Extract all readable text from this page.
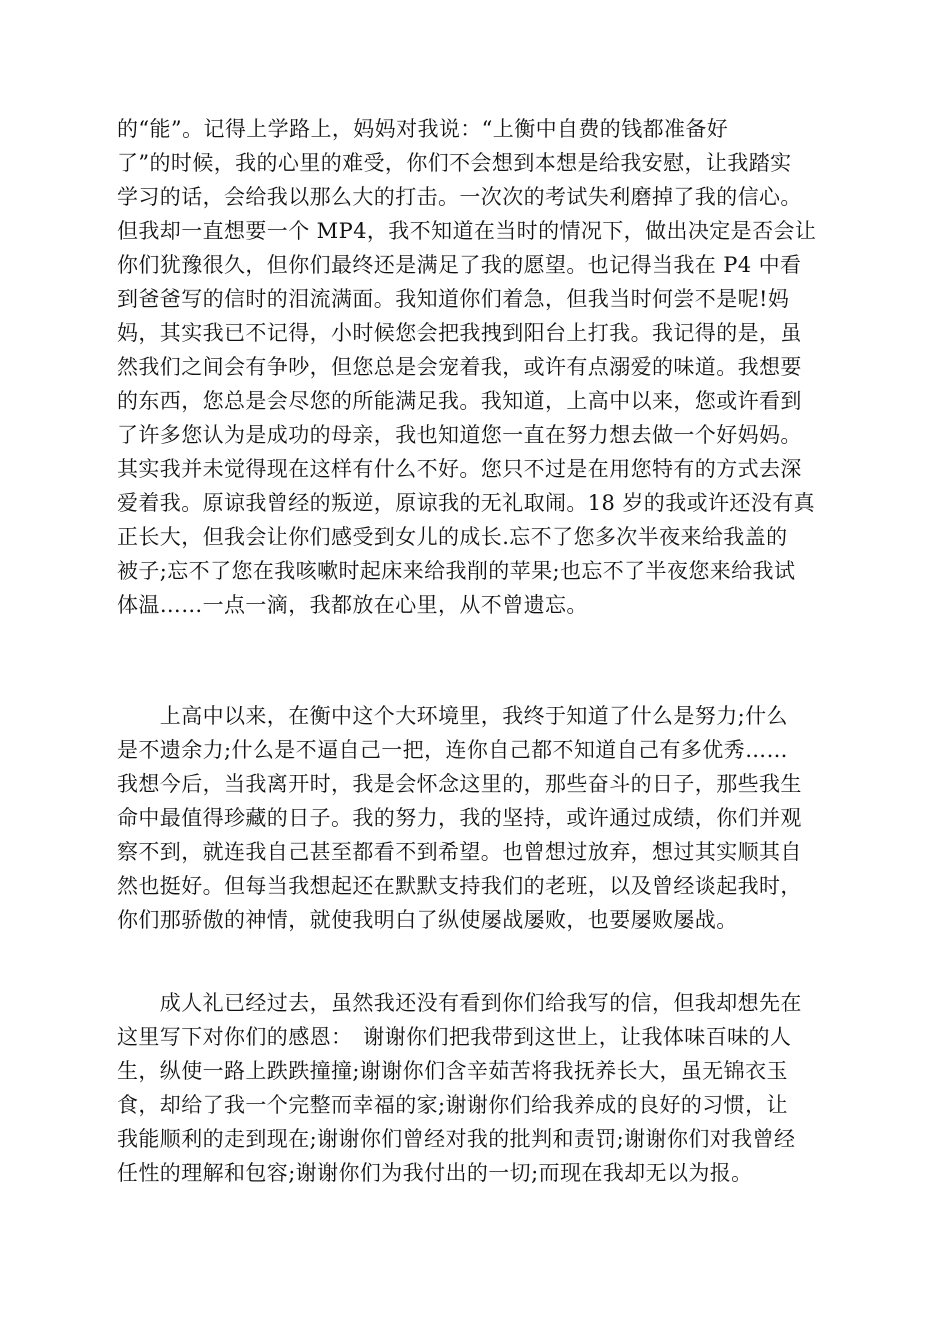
的“能”。记得上学路上，妈妈对我说：“上衡中自费的钱都准备好
了”的时候，我的心里的难受，你们不会想到本想是给我安慰，让我踏实
学习的话，会给我以那么大的打击。一次次的考试失利磨掉了我的信心。
但我却一直想要一个 MP4，我不知道在当时的情况下，做出决定是否会让
你们犹豫很久，但你们最终还是满足了我的愿望。也记得当我在 P4 中看
到爸爸写的信时的泪流满面。我知道你们着急，但我当时何尝不是呢!妈
妈，其实我已不记得，小时候您会把我拽到阳台上打我。我记得的是，虽
然我们之间会有争吵，但您总是会宠着我，或许有点溺爱的味道。我想要
的东西，您总是会尽您的所能满足我。我知道，上高中以来，您或许看到
了许多您认为是成功的母亲，我也知道您一直在努力想去做一个好妈妈。
其实我并未觉得现在这样有什么不好。您只不过是在用您特有的方式去深
爱着我。原谅我曾经的叛逆，原谅我的无礼取闹。18 岁的我或许还没有真
正长大，但我会让你们感受到女儿的成长.忘不了您多次半夜来给我盖的
被子;忘不了您在我咳嗽时起床来给我削的苹果;也忘不了半夜您来给我试
体温……一点一滴，我都放在心里，从不曾遗忘。
　　上高中以来，在衡中这个大环境里，我终于知道了什么是努力;什么
是不遗余力;什么是不逼自己一把，连你自己都不知道自己有多优秀……
我想今后，当我离开时，我是会怀念这里的，那些奋斗的日子，那些我生
命中最值得珍藏的日子。我的努力，我的坚持，或许通过成绩，你们并观
察不到，就连我自己甚至都看不到希望。也曾想过放弃，想过其实顺其自
然也挺好。但每当我想起还在默默支持我们的老班，以及曾经谈起我时，
你们那骄傲的神情，就使我明白了纵使屡战屡败，也要屡败屡战。
　　成人礼已经过去，虽然我还没有看到你们给我写的信，但我却想先在
这里写下对你们的感恩：　谢谢你们把我带到这世上，让我体味百味的人
生，纵使一路上跌跌撞撞;谢谢你们含辛茹苦将我抚养长大，虽无锦衣玉
食，却给了我一个完整而幸福的家;谢谢你们给我养成的良好的习惯，让
我能顺利的走到现在;谢谢你们曾经对我的批判和责罚;谢谢你们对我曾经
任性的理解和包容;谢谢你们为我付出的一切;而现在我却无以为报。
